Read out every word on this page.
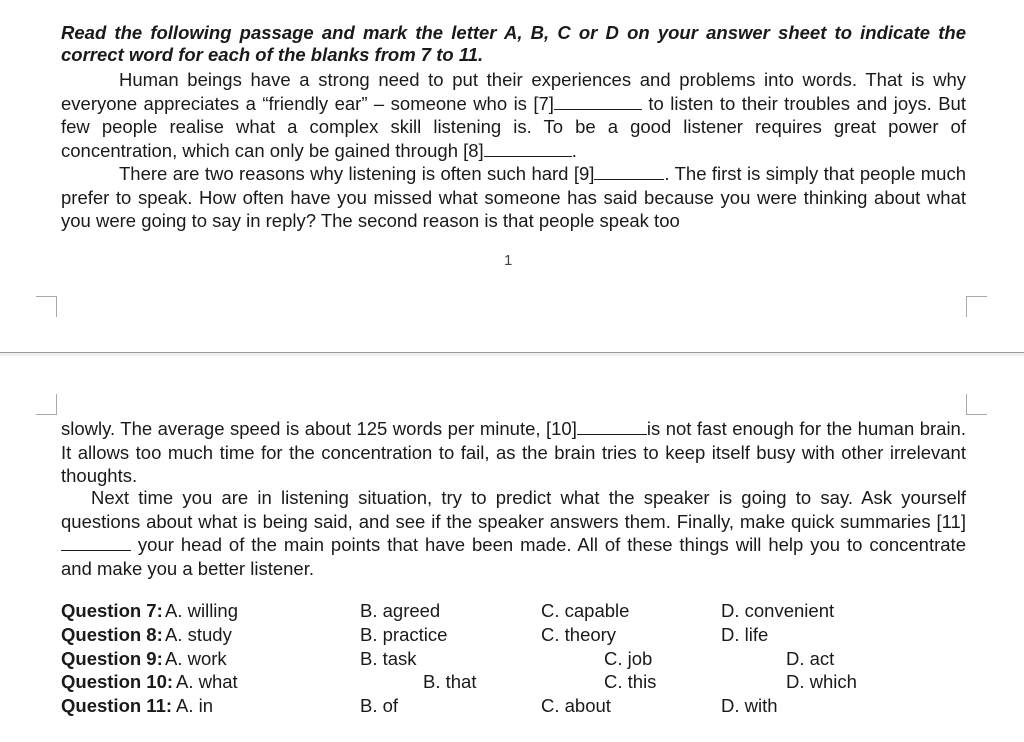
Read the following passage and mark the letter A, B, C or D on your answer sheet to indicate the correct word for each of the blanks from 7 to 11.

Human beings have a strong need to put their experiences and problems into words. That is why everyone appreciates a “friendly ear” – someone who is [7]	to listen to their troubles and joys. But few people realise what a complex skill listening is. To be a good listener requires great power of concentration, which can only be gained through [8]	.

There are two reasons why listening is often such hard [9]	. The first is simply that people much prefer to speak. How often have you missed what someone has said because you were thinking about what you were going to say in reply? The second reason is that people speak too

1

slowly. The average speed is about 125 words per minute, [10]	is not fast enough for the human brain. It allows too much time for the concentration to fail, as the brain tries to keep itself busy with other irrelevant thoughts.

Next time you are in listening situation, try to predict what the speaker is going to say. Ask yourself questions about what is being said, and see if the speaker answers them. Finally, make quick summaries [11] your head of the main points that have been made. All of these things will help you to concentrate and make you a better listener.

Question 7: A. willing	B. agreed	C. capable	D. convenient
Question 8: A. study	B. practice	C. theory	D. life
Question 9: A. work	B. task	C. job	D. act
Question 10: A. what	B. that	C. this	D. which
Question 11: A. in	B. of	C. about	D. with
